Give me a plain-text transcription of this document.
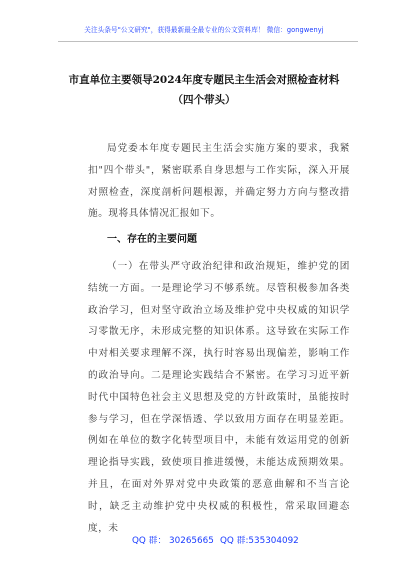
关注头条号"公文研究"，获得最新最全最专业的公文资料库！ 微信：gongwenyj
市直单位主要领导2024年度专题民主生活会对照检查材料
（四个带头）

局党委本年度专题民主生活会实施方案的要求，我紧扣"四个带头"，紧密联系自身思想与工作实际，深入开展对照检查，深度剖析问题根源，并确定努力方向与整改措施。现将具体情况汇报如下。

一、存在的主要问题

（一）在带头严守政治纪律和政治规矩，维护党的团结统一方面。一是理论学习不够系统。尽管积极参加各类政治学习，但对坚守政治立场及维护党中央权威的知识学习零散无序，未形成完整的知识体系。这导致在实际工作中对相关要求理解不深，执行时容易出现偏差，影响工作的政治导向。二是理论实践结合不紧密。在学习习近平新时代中国特色社会主义思想及党的方针政策时，虽能按时参与学习，但在学深悟透、学以致用方面存在明显差距。例如在单位的数字化转型项目中，未能有效运用党的创新理论指导实践，致使项目推进缓慢，未能达成预期效果。并且，在面对外界对党中央政策的恶意曲解和不当言论时，缺乏主动维护党中央权威的积极性，常采取回避态度，未

QQ 群： 30265665 QQ 群:535304092
